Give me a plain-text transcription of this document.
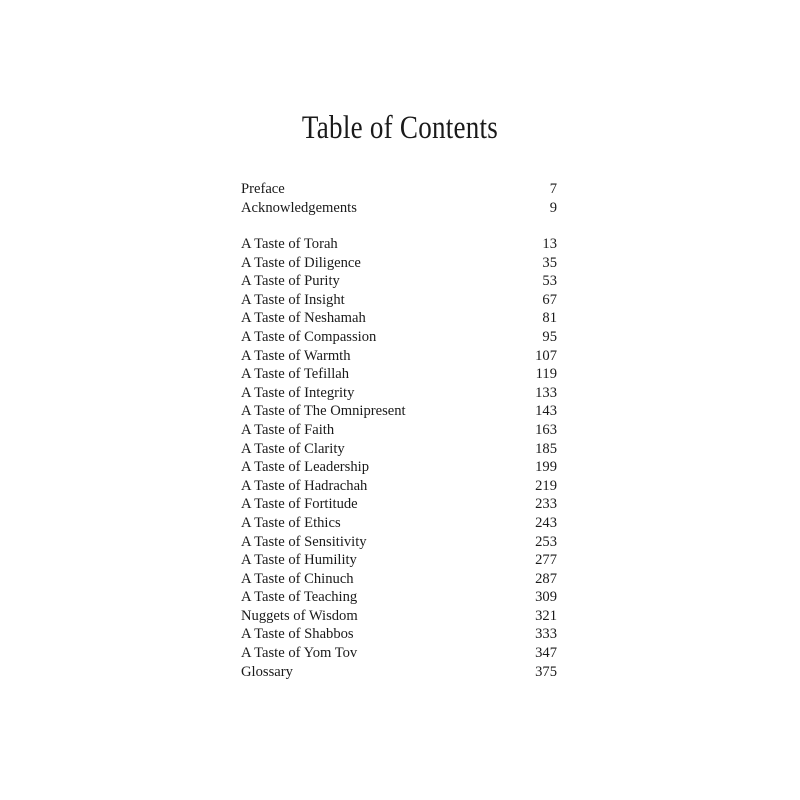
Table of Contents
Preface	7
Acknowledgements	9
A Taste of Torah	13
A Taste of Diligence	35
A Taste of Purity	53
A Taste of Insight	67
A Taste of Neshamah	81
A Taste of Compassion	95
A Taste of Warmth	107
A Taste of Tefillah	119
A Taste of Integrity	133
A Taste of The Omnipresent	143
A Taste of Faith	163
A Taste of Clarity	185
A Taste of Leadership	199
A Taste of Hadrachah	219
A Taste of Fortitude	233
A Taste of Ethics	243
A Taste of Sensitivity	253
A Taste of Humility	277
A Taste of Chinuch	287
A Taste of Teaching	309
Nuggets of Wisdom	321
A Taste of Shabbos	333
A Taste of Yom Tov	347
Glossary	375
